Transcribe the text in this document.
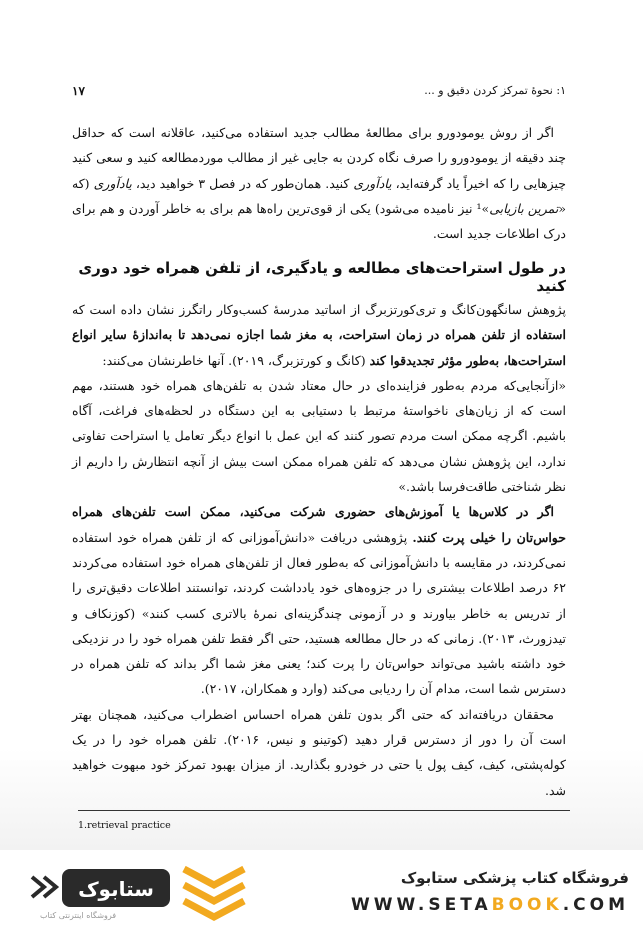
۱: نحوهٔ تمرکز کردن دقیق و ...
۱۷
اگر از روش یومودورو برای مطالعهٔ مطالب جدید استفاده می‌کنید، عاقلانه است که حداقل چند دقیقه از یومودورو را صرف نگاه کردن به جایی غیر از مطالب موردمطالعه کنید و سعی کنید چیزهایی را که اخیراً یاد گرفته‌اید، یادآوری کنید. همان‌طور که در فصل ۳ خواهید دید، یادآوری (که «تمرین بازیابی»¹ نیز نامیده می‌شود) یکی از قوی‌ترین راه‌ها هم برای به خاطر آوردن و هم برای درک اطلاعات جدید است.
در طول استراحت‌های مطالعه و یادگیری، از تلفن همراه خود دوری کنید

پژوهش سانگهون‌کانگ و تری‌کورتزبرگ از اساتید مدرسهٔ کسب‌وکار راتگرز نشان داده است که استفاده از تلفن همراه در زمان استراحت، به مغز شما اجازه نمی‌دهد تا به‌اندازهٔ سایر انواع استراحت‌ها، به‌طور مؤثر تجدیدقوا کند (کانگ و کورتزبرگ، ۲۰۱۹). آنها خاطرنشان می‌کنند:

«ازآنجایی‌که مردم به‌طور فزاینده‌ای در حال معتاد شدن به تلفن‌های همراه خود هستند، مهم است که از زیان‌های ناخواستهٔ مرتبط با دستیابی به این دستگاه در لحظه‌های فراغت، آگاه باشیم. اگرچه ممکن است مردم تصور کنند که این عمل با انواع دیگر تعامل یا استراحت تفاوتی ندارد، این پژوهش نشان می‌دهد که تلفن همراه ممکن است بیش از آنچه انتظارش را داریم از نظر شناختی طاقت‌فرسا باشد.»

اگر در کلاس‌ها یا آموزش‌های حضوری شرکت می‌کنید، ممکن است تلفن‌های همراه حواس‌تان را خیلی پرت کنند. پژوهشی دریافت «دانش‌آموزانی که از تلفن همراه خود استفاده نمی‌کردند، در مقایسه با دانش‌آموزانی که به‌طور فعال از تلفن‌های همراه خود استفاده می‌کردند ۶۲ درصد اطلاعات بیشتری را در جزوه‌های خود یادداشت کردند، توانستند اطلاعات دقیق‌تری را از تدریس به خاطر بیاورند و در آزمونی چندگزینه‌ای نمرهٔ بالاتری کسب کنند» (کوزنکاف و تیدزورث، ۲۰۱۳). زمانی که در حال مطالعه هستید، حتی اگر فقط تلفن همراه خود را در نزدیکی خود داشته باشید می‌تواند حواس‌تان را پرت کند؛ یعنی مغز شما اگر بداند که تلفن همراه در دسترس شما است، مدام آن را ردیابی می‌کند (وارد و همکاران، ۲۰۱۷).

محققان دریافته‌اند که حتی اگر بدون تلفن همراه احساس اضطراب می‌کنید، همچنان بهتر است آن را دور از دسترس قرار دهید (کوتینو و نیس، ۲۰۱۶). تلفن همراه خود را در یک کوله‌پشتی، کیف، کیف پول یا حتی در خودرو بگذارید. از میزان بهبود تمرکز خود مبهوت خواهید شد.

1.retrieval practice
ستابوک
فروشگاه اینترنتی کتاب
فروشگاه کتاب پزشکی ستابوک
WWW.SETABOOK.COM
